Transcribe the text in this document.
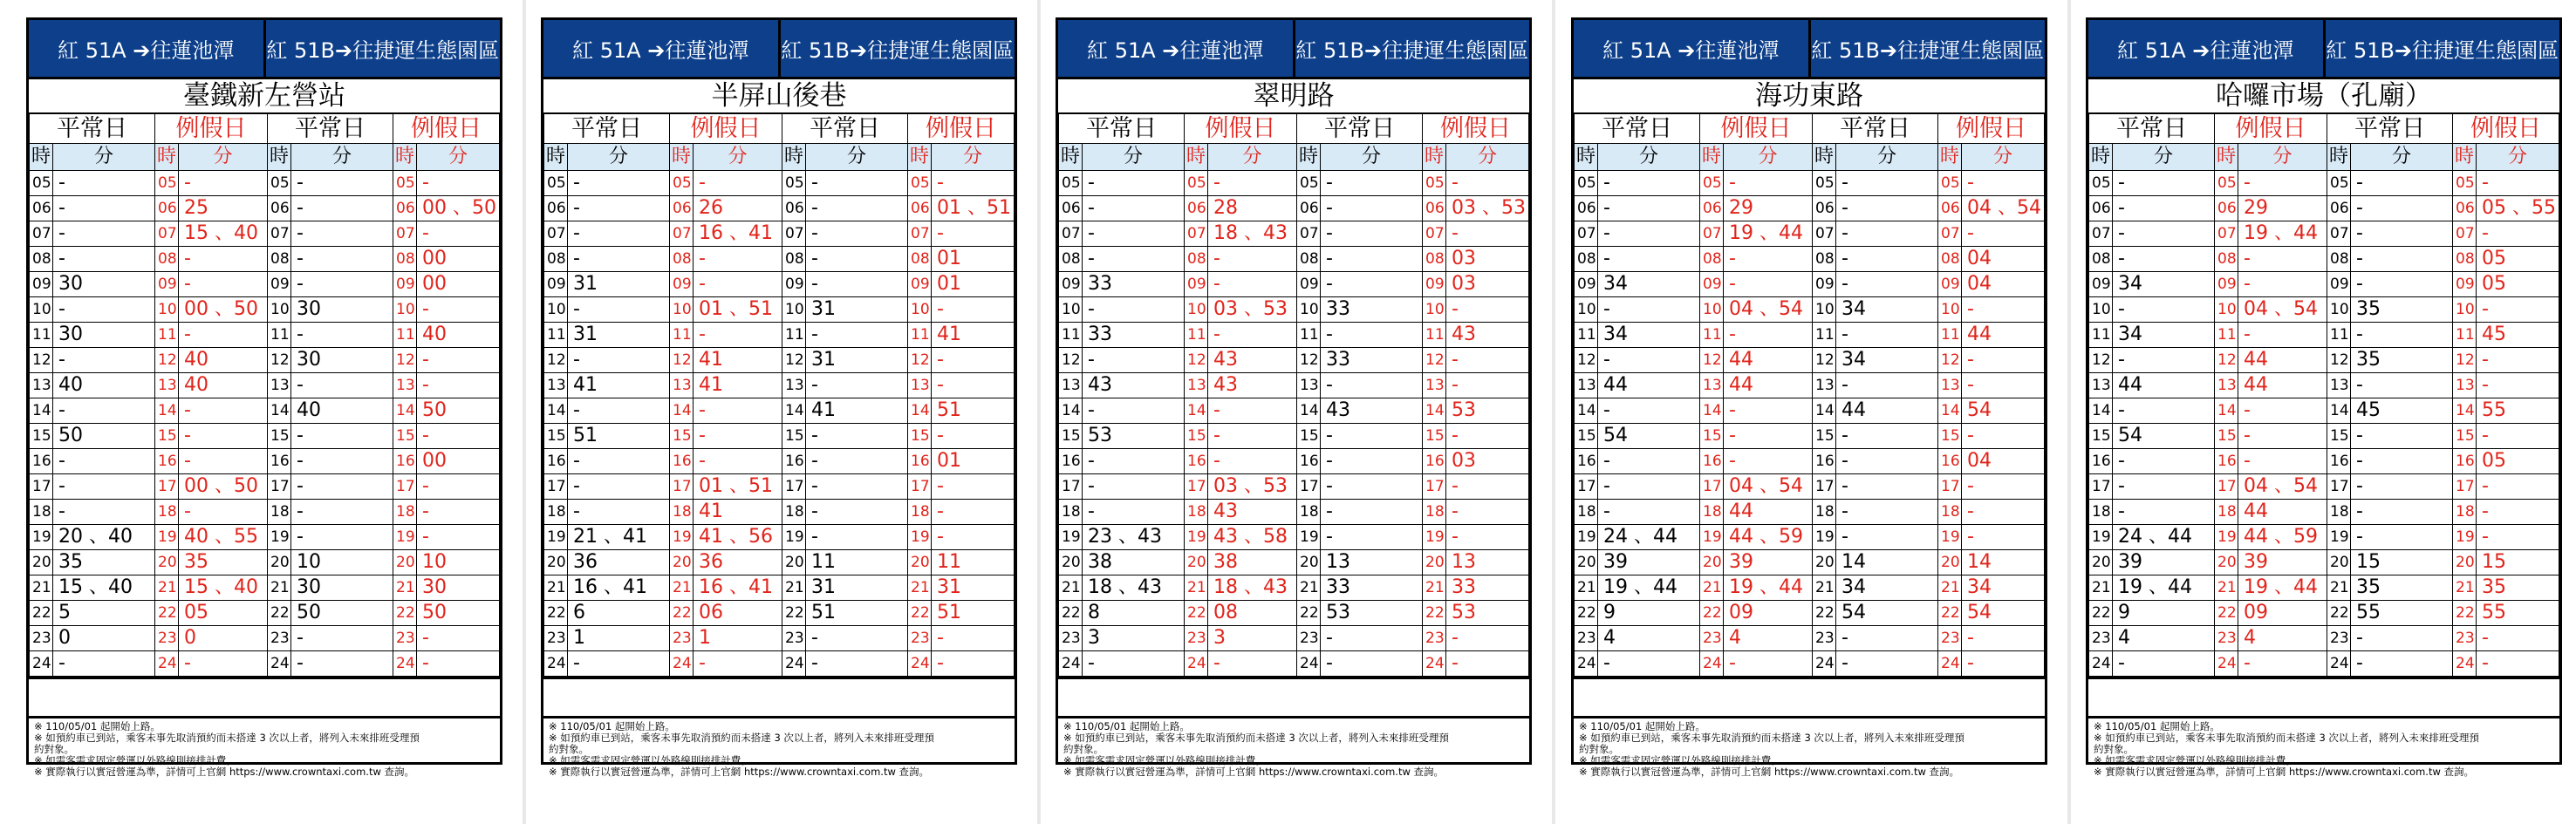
紅 51A ➔往蓮池潭	紅 51B➔往捷運生態園區
臺鐵新左營站
平常日		例假日		平常日		例假日	
時	分	時	分	時	分	時	分
05	-	05	-	05	-	05	-
06	-	06	25	06	-	06	00 、50
07	-	07	15 、40	07	-	07	-
08	-	08	-	08	-	08	00
09	30	09	-	09	-	09	00
10	-	10	00 、50	10	30	10	-
11	30	11	-	11	-	11	40
12	-	12	40	12	30	12	-
13	40	13	40	13	-	13	-
14	-	14	-	14	40	14	50
15	50	15	-	15	-	15	-
16	-	16	-	16	-	16	00
17	-	17	00 、50	17	-	17	-
18	-	18	-	18	-	18	-
19	20 、40	19	40 、55	19	-	19	-
20	35	20	35	20	10	20	10
21	15 、40	21	15 、40	21	30	21	30
22	5	22	05	22	50	22	50
23	0	23	0	23	-	23	-
24	-	24	-	24	-	24	-

※ 110/05/01 起開始上路。

※ 如預約車已到站，乘客未事先取消預約而未搭達 3 次以上者，將列入未來排班受理預

約對象。

※ 如需客需求固定營運以外路線則接排計費。

※ 實際執行以實冠營運為準，詳情可上官網 https://www.crowntaxi.com.tw 查詢。

紅 51A ➔往蓮池潭	紅 51B➔往捷運生態園區
半屏山後巷
平常日		例假日		平常日		例假日	
時	分	時	分	時	分	時	分
05	-	05	-	05	-	05	-
06	-	06	26	06	-	06	01 、51
07	-	07	16 、41	07	-	07	-
08	-	08	-	08	-	08	01
09	31	09	-	09	-	09	01
10	-	10	01 、51	10	31	10	-
11	31	11	-	11	-	11	41
12	-	12	41	12	31	12	-
13	41	13	41	13	-	13	-
14	-	14	-	14	41	14	51
15	51	15	-	15	-	15	-
16	-	16	-	16	-	16	01
17	-	17	01 、51	17	-	17	-
18	-	18	41	18	-	18	-
19	21 、41	19	41 、56	19	-	19	-
20	36	20	36	20	11	20	11
21	16 、41	21	16 、41	21	31	21	31
22	6	22	06	22	51	22	51
23	1	23	1	23	-	23	-
24	-	24	-	24	-	24	-

※ 110/05/01 起開始上路。

※ 如預約車已到站，乘客未事先取消預約而未搭達 3 次以上者，將列入未來排班受理預

約對象。

※ 如需客需求固定營運以外路線則接排計費。

※ 實際執行以實冠營運為準，詳情可上官網 https://www.crowntaxi.com.tw 查詢。

紅 51A ➔往蓮池潭	紅 51B➔往捷運生態園區
翠明路
平常日		例假日		平常日		例假日	
時	分	時	分	時	分	時	分
05	-	05	-	05	-	05	-
06	-	06	28	06	-	06	03 、53
07	-	07	18 、43	07	-	07	-
08	-	08	-	08	-	08	03
09	33	09	-	09	-	09	03
10	-	10	03 、53	10	33	10	-
11	33	11	-	11	-	11	43
12	-	12	43	12	33	12	-
13	43	13	43	13	-	13	-
14	-	14	-	14	43	14	53
15	53	15	-	15	-	15	-
16	-	16	-	16	-	16	03
17	-	17	03 、53	17	-	17	-
18	-	18	43	18	-	18	-
19	23 、43	19	43 、58	19	-	19	-
20	38	20	38	20	13	20	13
21	18 、43	21	18 、43	21	33	21	33
22	8	22	08	22	53	22	53
23	3	23	3	23	-	23	-
24	-	24	-	24	-	24	-

※ 110/05/01 起開始上路。

※ 如預約車已到站，乘客未事先取消預約而未搭達 3 次以上者，將列入未來排班受理預

約對象。

※ 如需客需求固定營運以外路線則接排計費。

※ 實際執行以實冠營運為準，詳情可上官網 https://www.crowntaxi.com.tw 查詢。

紅 51A ➔往蓮池潭	紅 51B➔往捷運生態園區
海功東路
平常日		例假日		平常日		例假日	
時	分	時	分	時	分	時	分
05	-	05	-	05	-	05	-
06	-	06	29	06	-	06	04 、54
07	-	07	19 、44	07	-	07	-
08	-	08	-	08	-	08	04
09	34	09	-	09	-	09	04
10	-	10	04 、54	10	34	10	-
11	34	11	-	11	-	11	44
12	-	12	44	12	34	12	-
13	44	13	44	13	-	13	-
14	-	14	-	14	44	14	54
15	54	15	-	15	-	15	-
16	-	16	-	16	-	16	04
17	-	17	04 、54	17	-	17	-
18	-	18	44	18	-	18	-
19	24 、44	19	44 、59	19	-	19	-
20	39	20	39	20	14	20	14
21	19 、44	21	19 、44	21	34	21	34
22	9	22	09	22	54	22	54
23	4	23	4	23	-	23	-
24	-	24	-	24	-	24	-

※ 110/05/01 起開始上路。

※ 如預約車已到站，乘客未事先取消預約而未搭達 3 次以上者，將列入未來排班受理預

約對象。

※ 如需客需求固定營運以外路線則接排計費。

※ 實際執行以實冠營運為準，詳情可上官網 https://www.crowntaxi.com.tw 查詢。

紅 51A ➔往蓮池潭	紅 51B➔往捷運生態園區
哈囉市場（孔廟）
平常日		例假日		平常日		例假日	
時	分	時	分	時	分	時	分
05	-	05	-	05	-	05	-
06	-	06	29	06	-	06	05 、55
07	-	07	19 、44	07	-	07	-
08	-	08	-	08	-	08	05
09	34	09	-	09	-	09	05
10	-	10	04 、54	10	35	10	-
11	34	11	-	11	-	11	45
12	-	12	44	12	35	12	-
13	44	13	44	13	-	13	-
14	-	14	-	14	45	14	55
15	54	15	-	15	-	15	-
16	-	16	-	16	-	16	05
17	-	17	04 、54	17	-	17	-
18	-	18	44	18	-	18	-
19	24 、44	19	44 、59	19	-	19	-
20	39	20	39	20	15	20	15
21	19 、44	21	19 、44	21	35	21	35
22	9	22	09	22	55	22	55
23	4	23	4	23	-	23	-
24	-	24	-	24	-	24	-

※ 110/05/01 起開始上路。

※ 如預約車已到站，乘客未事先取消預約而未搭達 3 次以上者，將列入未來排班受理預

約對象。

※ 如需客需求固定營運以外路線則接排計費。

※ 實際執行以實冠營運為準，詳情可上官網 https://www.crowntaxi.com.tw 查詢。
